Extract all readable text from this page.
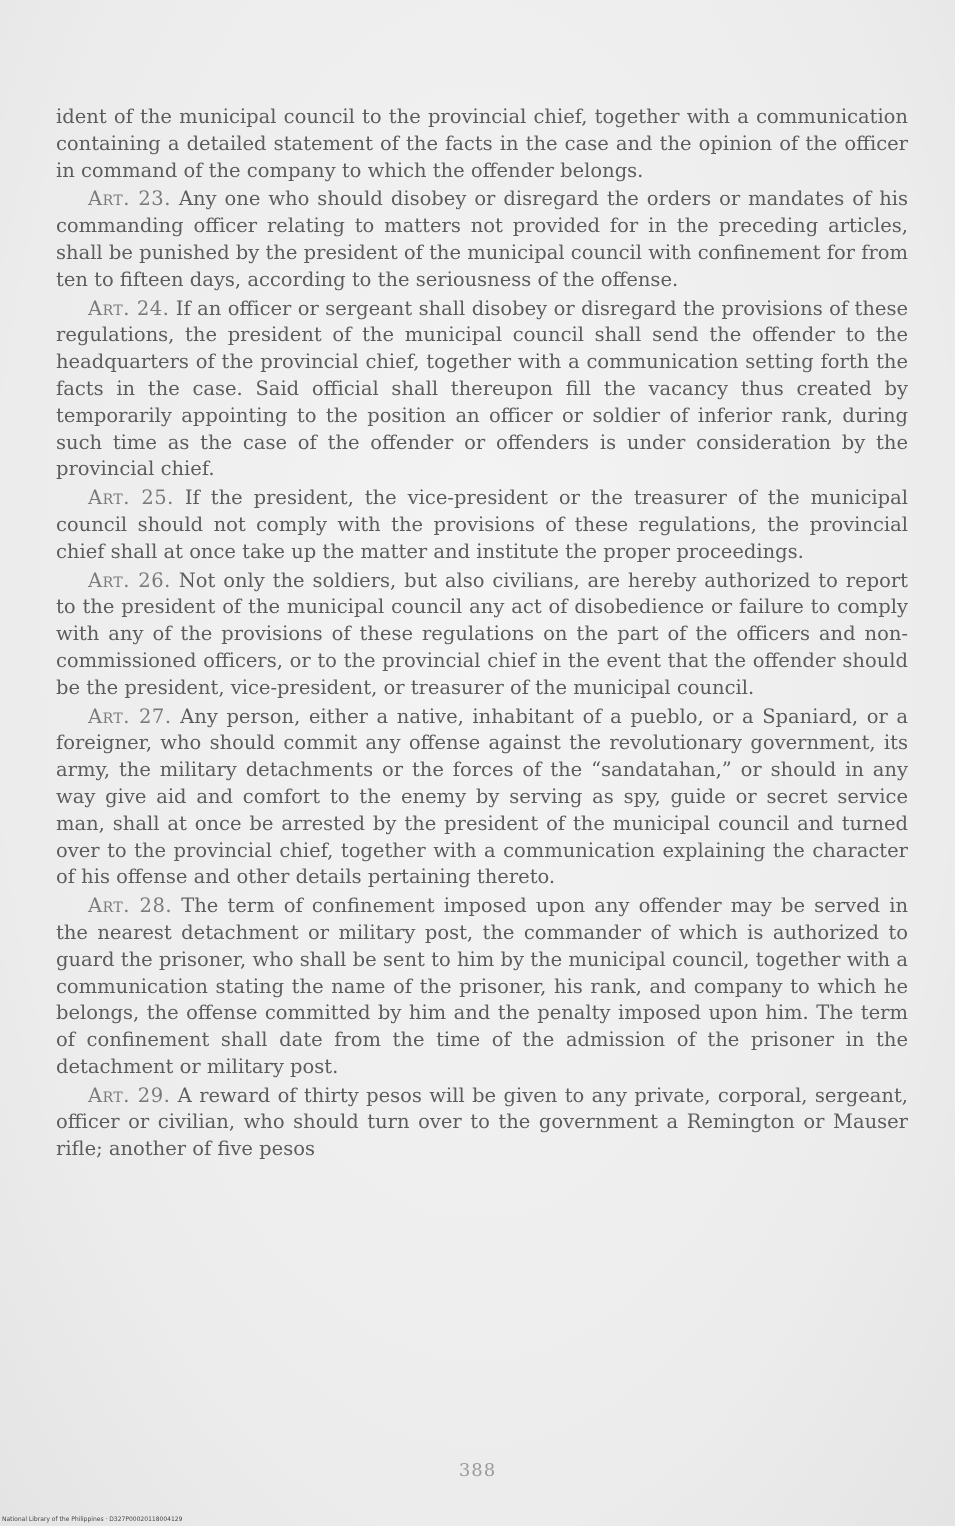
ident of the municipal council to the provincial chief, together with a communication containing a detailed statement of the facts in the case and the opinion of the officer in command of the company to which the offender belongs.

Art. 23. Any one who should disobey or disregard the orders or mandates of his commanding officer relating to matters not provided for in the preceding articles, shall be punished by the president of the municipal council with confinement for from ten to fifteen days, according to the seriousness of the offense.

Art. 24. If an officer or sergeant shall disobey or disregard the provisions of these regulations, the president of the municipal council shall send the offender to the headquarters of the provincial chief, together with a communication setting forth the facts in the case. Said official shall thereupon fill the vacancy thus created by temporarily appointing to the position an officer or soldier of inferior rank, during such time as the case of the offender or offenders is under consideration by the provincial chief.

Art. 25. If the president, the vice-president or the treasurer of the municipal council should not comply with the provisions of these regulations, the provincial chief shall at once take up the matter and institute the proper proceedings.

Art. 26. Not only the soldiers, but also civilians, are hereby authorized to report to the president of the municipal council any act of disobedience or failure to comply with any of the provisions of these regulations on the part of the officers and non-commissioned officers, or to the provincial chief in the event that the offender should be the president, vice-president, or treasurer of the municipal council.

Art. 27. Any person, either a native, inhabitant of a pueblo, or a Spaniard, or a foreigner, who should commit any offense against the revolutionary government, its army, the military detachments or the forces of the “sandatahan,” or should in any way give aid and comfort to the enemy by serving as spy, guide or secret service man, shall at once be arrested by the president of the municipal council and turned over to the provincial chief, together with a communication explaining the character of his offense and other details pertaining thereto.

Art. 28. The term of confinement imposed upon any offender may be served in the nearest detachment or military post, the commander of which is authorized to guard the prisoner, who shall be sent to him by the municipal council, together with a communication stating the name of the prisoner, his rank, and company to which he belongs, the offense committed by him and the penalty imposed upon him. The term of confinement shall date from the time of the admission of the prisoner in the detachment or military post.

Art. 29. A reward of thirty pesos will be given to any private, corporal, sergeant, officer or civilian, who should turn over to the government a Remington or Mauser rifle; another of five pesos

388
National Library of the Philippines · D327P00020118004129
